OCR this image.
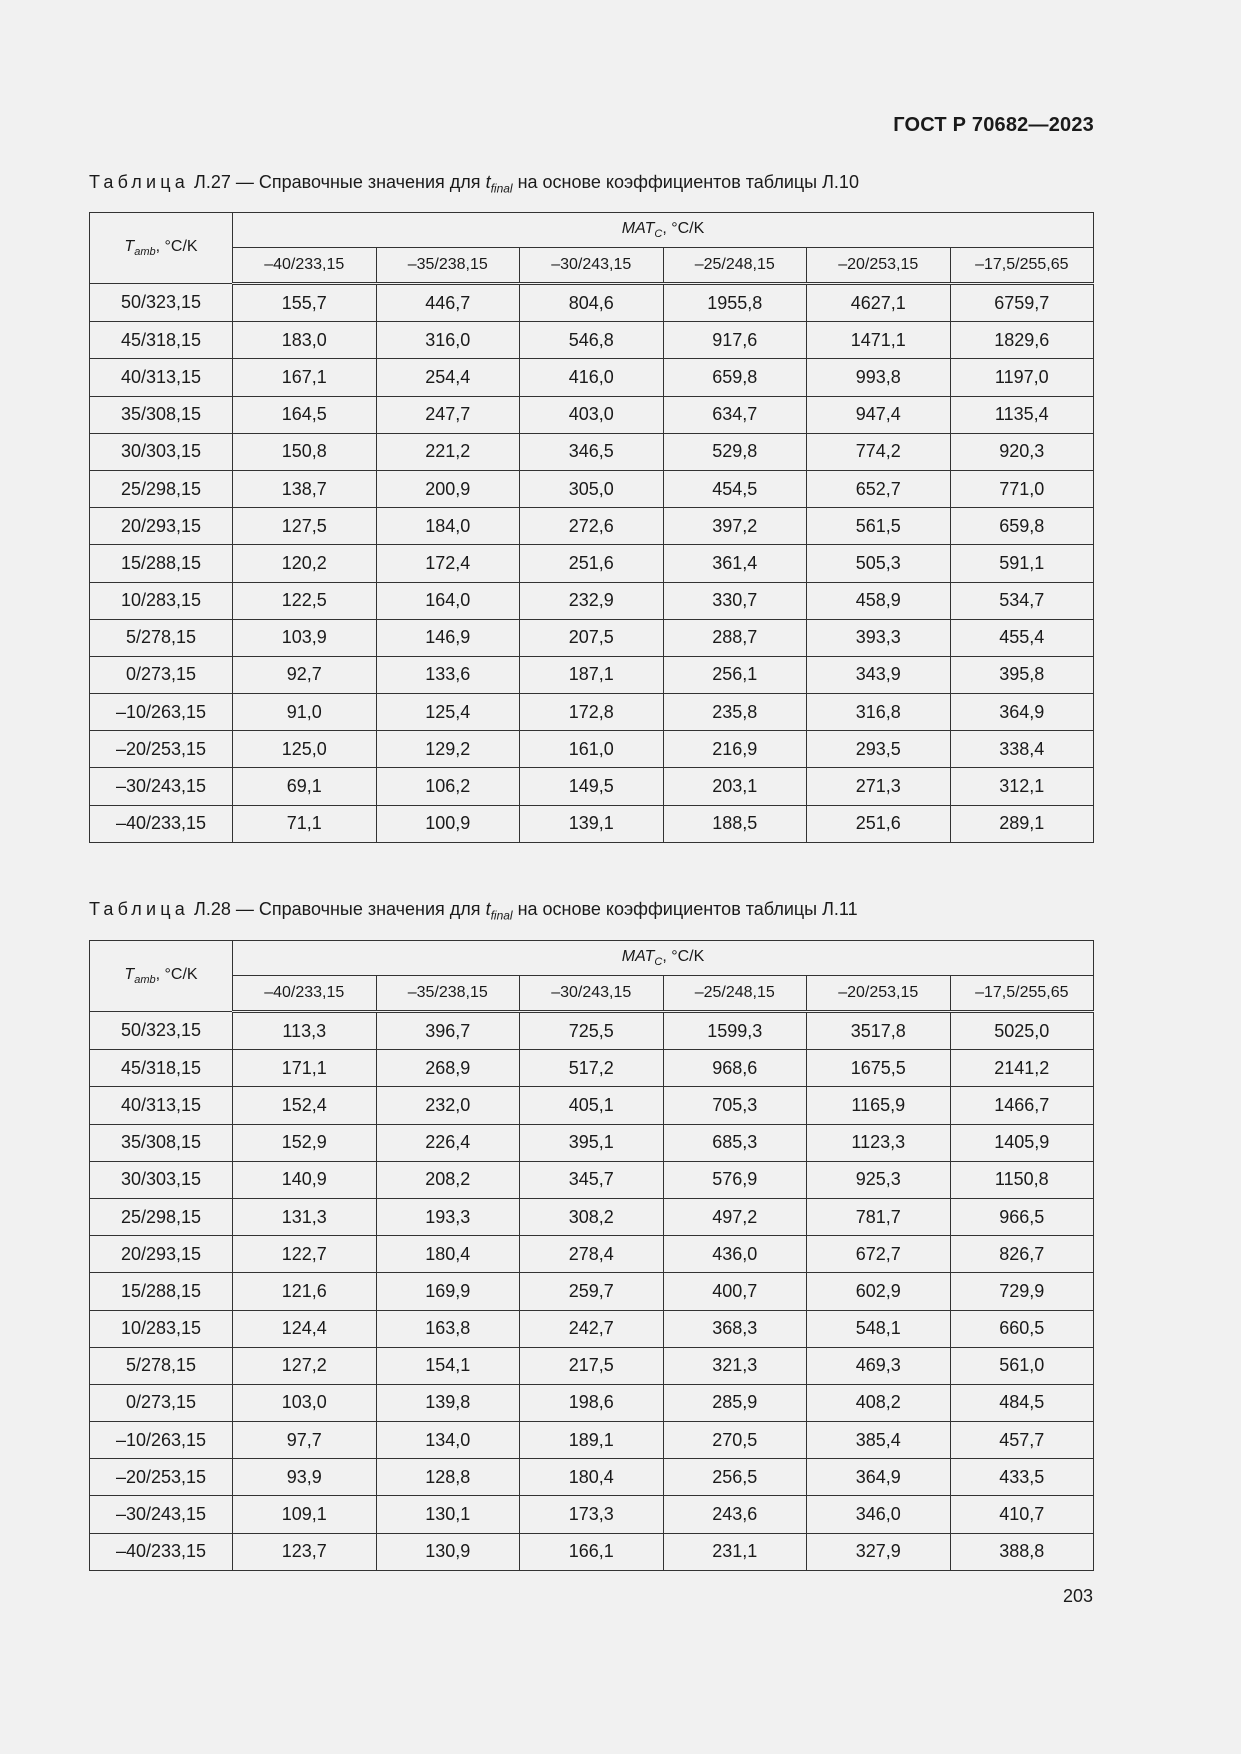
ГОСТ Р 70682—2023
Таблица Л.27 — Справочные значения для $t_{final}$ на основе коэффициентов таблицы Л.10
$T_{amb}$, °C/K	$MAT_C$, °C/K					
	–40/233,15	–35/238,15	–30/243,15	–25/248,15	–20/253,15	–17,5/255,65
50/323,15	155,7	446,7	804,6	1955,8	4627,1	6759,7
45/318,15	183,0	316,0	546,8	917,6	1471,1	1829,6
40/313,15	167,1	254,4	416,0	659,8	993,8	1197,0
35/308,15	164,5	247,7	403,0	634,7	947,4	1135,4
30/303,15	150,8	221,2	346,5	529,8	774,2	920,3
25/298,15	138,7	200,9	305,0	454,5	652,7	771,0
20/293,15	127,5	184,0	272,6	397,2	561,5	659,8
15/288,15	120,2	172,4	251,6	361,4	505,3	591,1
10/283,15	122,5	164,0	232,9	330,7	458,9	534,7
5/278,15	103,9	146,9	207,5	288,7	393,3	455,4
0/273,15	92,7	133,6	187,1	256,1	343,9	395,8
–10/263,15	91,0	125,4	172,8	235,8	316,8	364,9
–20/253,15	125,0	129,2	161,0	216,9	293,5	338,4
–30/243,15	69,1	106,2	149,5	203,1	271,3	312,1
–40/233,15	71,1	100,9	139,1	188,5	251,6	289,1
Таблица Л.28 — Справочные значения для $t_{final}$ на основе коэффициентов таблицы Л.11
$T_{amb}$, °C/K	$MAT_C$, °C/K					
	–40/233,15	–35/238,15	–30/243,15	–25/248,15	–20/253,15	–17,5/255,65
50/323,15	113,3	396,7	725,5	1599,3	3517,8	5025,0
45/318,15	171,1	268,9	517,2	968,6	1675,5	2141,2
40/313,15	152,4	232,0	405,1	705,3	1165,9	1466,7
35/308,15	152,9	226,4	395,1	685,3	1123,3	1405,9
30/303,15	140,9	208,2	345,7	576,9	925,3	1150,8
25/298,15	131,3	193,3	308,2	497,2	781,7	966,5
20/293,15	122,7	180,4	278,4	436,0	672,7	826,7
15/288,15	121,6	169,9	259,7	400,7	602,9	729,9
10/283,15	124,4	163,8	242,7	368,3	548,1	660,5
5/278,15	127,2	154,1	217,5	321,3	469,3	561,0
0/273,15	103,0	139,8	198,6	285,9	408,2	484,5
–10/263,15	97,7	134,0	189,1	270,5	385,4	457,7
–20/253,15	93,9	128,8	180,4	256,5	364,9	433,5
–30/243,15	109,1	130,1	173,3	243,6	346,0	410,7
–40/233,15	123,7	130,9	166,1	231,1	327,9	388,8
203
